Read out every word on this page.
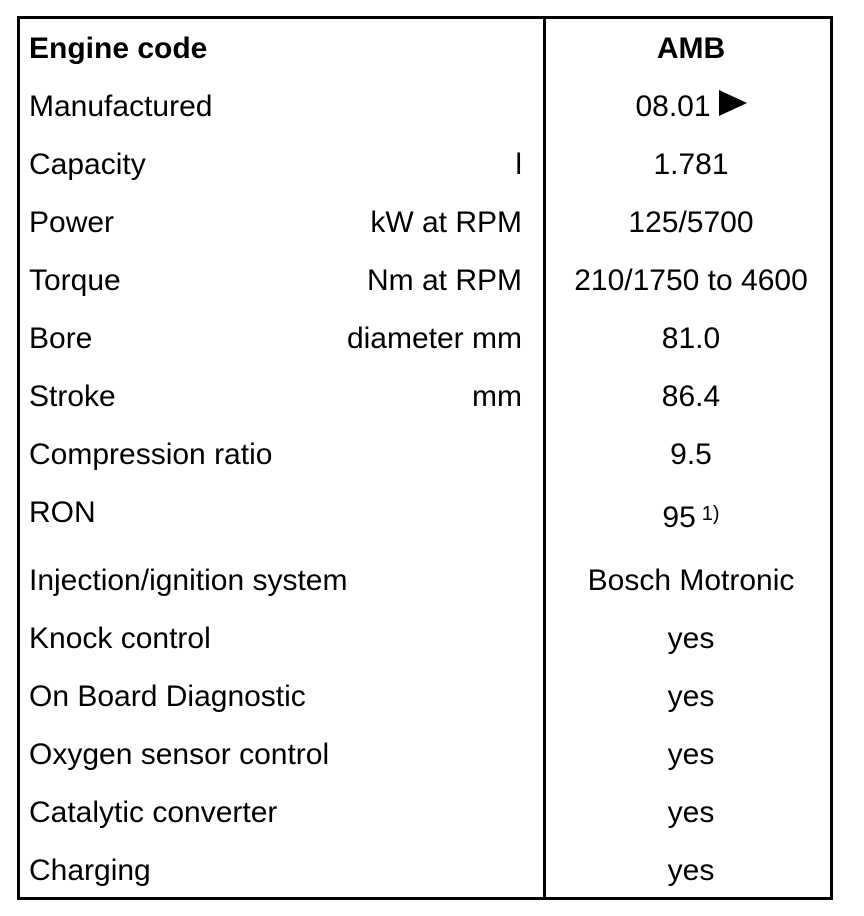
Engine code	AMB
Manufactured	08.01
Capacity	l	1.781
Power	kW at RPM	125/5700
Torque	Nm at RPM	210/1750 to 4600
Bore	diameter mm	81.0
Stroke	mm	86.4
Compression ratio	9.5
RON	95 $^{1)}$
Injection/ignition system	Bosch Motronic
Knock control	yes
On Board Diagnostic	yes
Oxygen sensor control	yes
Catalytic converter	yes
Charging	yes
